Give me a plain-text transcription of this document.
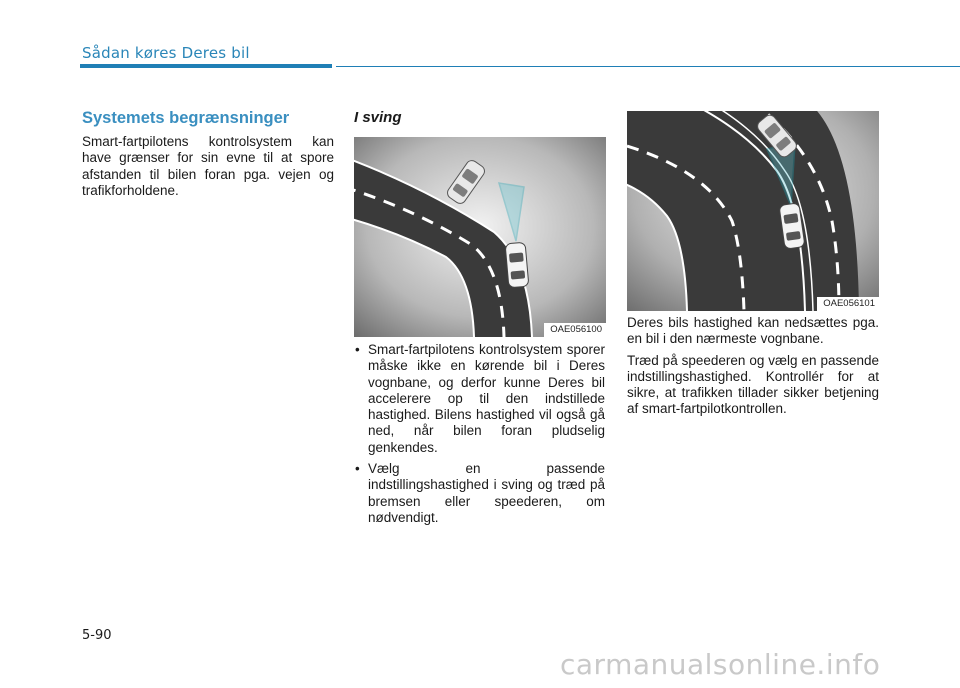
Sådan køres Deres bil
Systemets begrænsninger
Smart-fartpilotens kontrolsystem kan have grænser for sin evne til at spore afstanden til bilen foran pga. vejen og trafikforholdene.
I sving
OAE056100
• Smart-fartpilotens kontrolsystem sporer måske ikke en kørende bil i Deres vognbane, og derfor kunne Deres bil accelerere op til den indstillede hastighed. Bilens hastighed vil også gå ned, når bilen foran pludselig genkendes.
• Vælg en passende indstillingshastighed i sving og træd på bremsen eller speederen, om nødvendigt.
OAE056101

Deres bils hastighed kan nedsættes pga. en bil i den nærmeste vognbane.

Træd på speederen og vælg en passende indstillingshastighed. Kontrollér for at sikre, at trafikken tillader sikker betjening af smart-fartpilotkontrollen.

5-90
carmanualsonline.info
